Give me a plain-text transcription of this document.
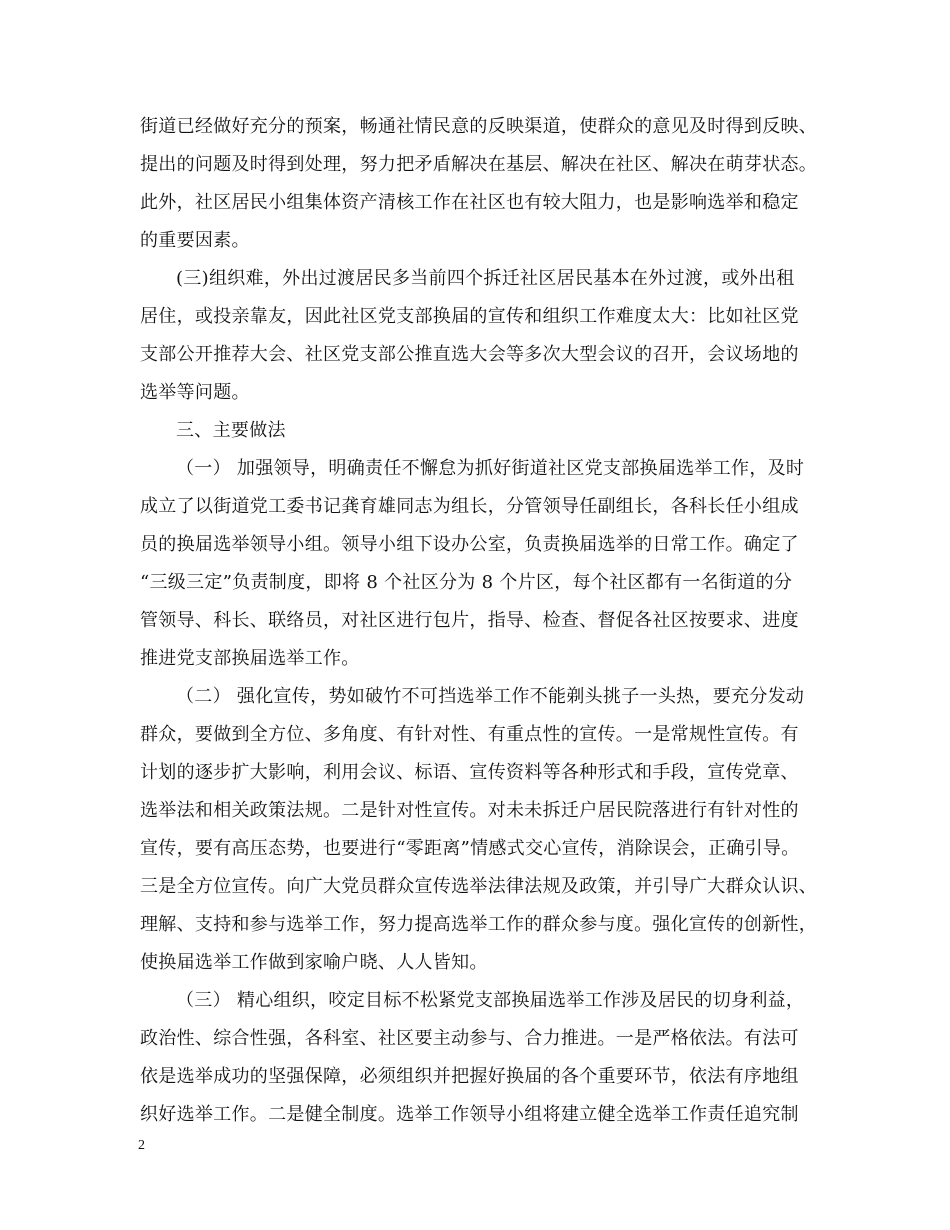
街道已经做好充分的预案，畅通社情民意的反映渠道，使群众的意见及时得到反映、
提出的问题及时得到处理，努力把矛盾解决在基层、解决在社区、解决在萌芽状态。
此外，社区居民小组集体资产清核工作在社区也有较大阻力，也是影响选举和稳定
的重要因素。
(三)组织难，外出过渡居民多当前四个拆迁社区居民基本在外过渡，或外出租
居住，或投亲靠友，因此社区党支部换届的宣传和组织工作难度太大：比如社区党
支部公开推荐大会、社区党支部公推直选大会等多次大型会议的召开，会议场地的
选举等问题。
三、主要做法
（一） 加强领导，明确责任不懈怠为抓好街道社区党支部换届选举工作，及时
成立了以街道党工委书记龚育雄同志为组长，分管领导任副组长，各科长任小组成
员的换届选举领导小组。领导小组下设办公室，负责换届选举的日常工作。确定了
“三级三定”负责制度，即将 8 个社区分为 8 个片区，每个社区都有一名街道的分
管领导、科长、联络员，对社区进行包片，指导、检查、督促各社区按要求、进度
推进党支部换届选举工作。
（二） 强化宣传，势如破竹不可挡选举工作不能剃头挑子一头热，要充分发动
群众，要做到全方位、多角度、有针对性、有重点性的宣传。一是常规性宣传。有
计划的逐步扩大影响，利用会议、标语、宣传资料等各种形式和手段，宣传党章、
选举法和相关政策法规。二是针对性宣传。对未未拆迁户居民院落进行有针对性的
宣传，要有高压态势，也要进行“零距离”情感式交心宣传，消除误会，正确引导。
三是全方位宣传。向广大党员群众宣传选举法律法规及政策，并引导广大群众认识、
理解、支持和参与选举工作，努力提高选举工作的群众参与度。强化宣传的创新性，
使换届选举工作做到家喻户晓、人人皆知。
（三） 精心组织，咬定目标不松紧党支部换届选举工作涉及居民的切身利益，
政治性、综合性强，各科室、社区要主动参与、合力推进。一是严格依法。有法可
依是选举成功的坚强保障，必须组织并把握好换届的各个重要环节，依法有序地组
织好选举工作。二是健全制度。选举工作领导小组将建立健全选举工作责任追究制
2
